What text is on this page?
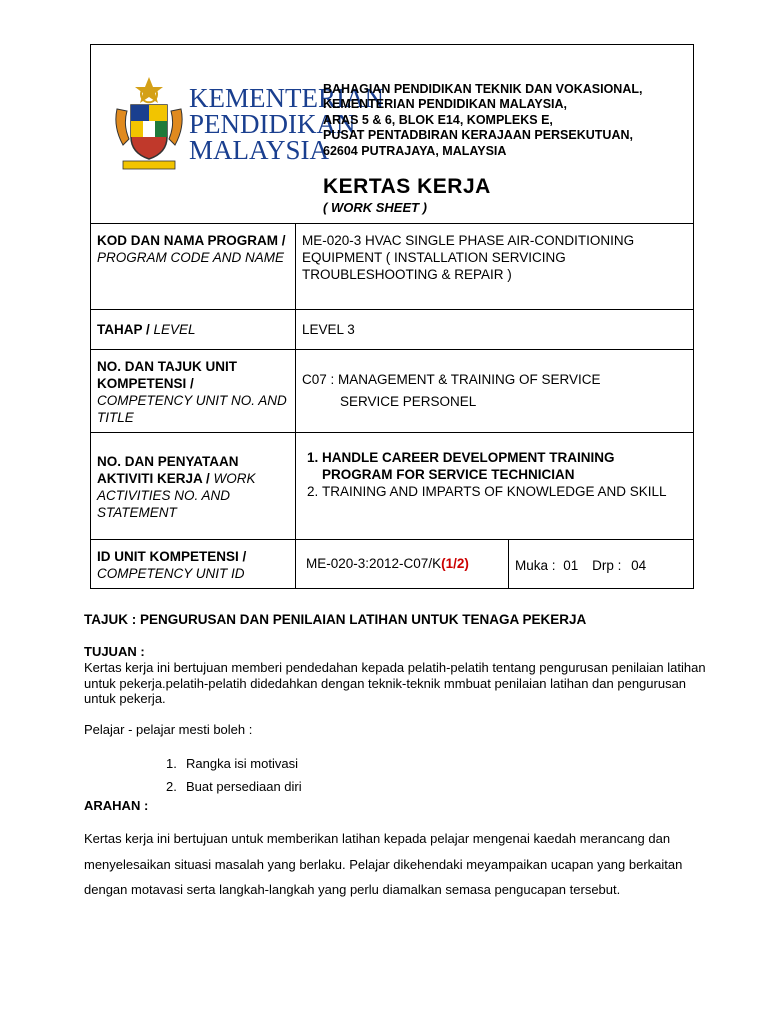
KEMENTERIAN
PENDIDIKAN
MALAYSIA
BAHAGIAN PENDIDIKAN TEKNIK DAN VOKASIONAL,
KEMENTERIAN PENDIDIKAN MALAYSIA,
ARAS 5 & 6, BLOK E14, KOMPLEKS E,
PUSAT PENTADBIRAN KERAJAAN PERSEKUTUAN,
62604 PUTRAJAYA, MALAYSIA
KERTAS KERJA
( WORK SHEET )
KOD DAN NAMA PROGRAM / PROGRAM CODE AND NAME
ME-020-3 HVAC SINGLE PHASE AIR-CONDITIONING EQUIPMENT ( INSTALLATION SERVICING TROUBLESHOOTING & REPAIR )
TAHAP / LEVEL	LEVEL 3
NO. DAN TAJUK UNIT KOMPETENSI / COMPETENCY UNIT NO. AND TITLE
C07 : MANAGEMENT & TRAINING OF SERVICE
SERVICE PERSONEL
NO. DAN PENYATAAN AKTIVITI KERJA / WORK ACTIVITIES NO. AND STATEMENT
1. HANDLE CAREER DEVELOPMENT TRAINING PROGRAM FOR SERVICE TECHNICIAN
2. TRAINING AND IMPARTS OF KNOWLEDGE AND SKILL
ID UNIT KOMPETENSI / COMPETENCY UNIT ID
ME-020-3:2012-C07/K(1/2)	Muka : 01 Drp : 04
TAJUK : PENGURUSAN DAN PENILAIAN LATIHAN UNTUK TENAGA PEKERJA
TUJUAN :
Kertas kerja ini bertujuan memberi pendedahan kepada pelatih-pelatih tentang pengurusan penilaian latihan untuk pekerja.pelatih-pelatih didedahkan dengan teknik-teknik mmbuat penilaian latihan dan pengurusan untuk pekerja.
Pelajar - pelajar mesti boleh :
1. Rangka isi motivasi
2. Buat persediaan diri
ARAHAN :
Kertas kerja ini bertujuan untuk memberikan latihan kepada pelajar mengenai kaedah merancang dan menyelesaikan situasi masalah yang berlaku. Pelajar dikehendaki meyampaikan ucapan yang berkaitan dengan motavasi serta langkah-langkah yang perlu diamalkan semasa pengucapan tersebut.
